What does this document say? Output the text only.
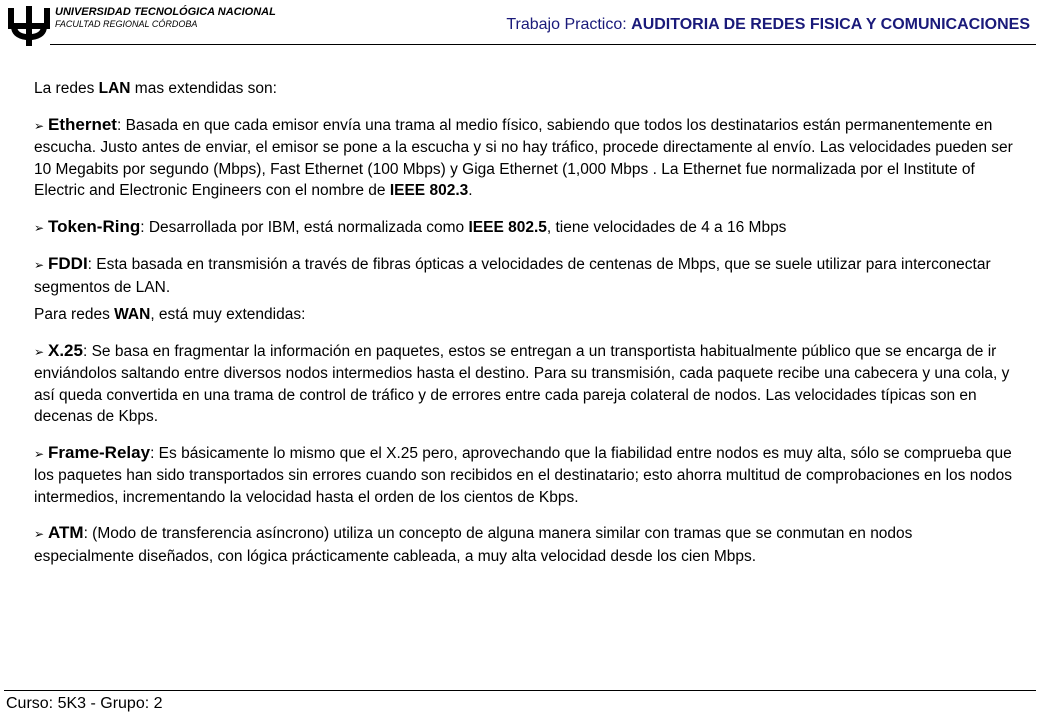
UNIVERSIDAD TECNOLÓGICA NACIONAL
FACULTAD REGIONAL CÓRDOBA	Trabajo Practico: AUDITORIA DE REDES FISICA Y COMUNICACIONES

La redes LAN mas extendidas son:

➢ Ethernet: Basada en que cada emisor envía una trama al medio físico, sabiendo que todos los destinatarios están permanentemente en escucha. Justo antes de enviar, el emisor se pone a la escucha y si no hay tráfico, procede directamente al envío. Las velocidades pueden ser 10 Megabits por segundo (Mbps), Fast Ethernet (100 Mbps) y Giga Ethernet (1,000 Mbps . La Ethernet fue normalizada por el Institute of Electric and Electronic Engineers con el nombre de IEEE 802.3.

➢ Token-Ring: Desarrollada por IBM, está normalizada como IEEE 802.5, tiene velocidades de 4 a 16 Mbps

➢ FDDI: Esta basada en transmisión a través de fibras ópticas a velocidades de centenas de Mbps, que se suele utilizar para interconectar segmentos de LAN.

Para redes WAN, está muy extendidas:

➢ X.25: Se basa en fragmentar la información en paquetes, estos se entregan a un transportista habitualmente público que se encarga de ir enviándolos saltando entre diversos nodos intermedios hasta el destino. Para su transmisión, cada paquete recibe una cabecera y una cola, y así queda convertida en una trama de control de tráfico y de errores entre cada pareja colateral de nodos. Las velocidades típicas son en decenas de Kbps.

➢ Frame-Relay: Es básicamente lo mismo que el X.25 pero, aprovechando que la fiabilidad entre nodos es muy alta, sólo se comprueba que los paquetes han sido transportados sin errores cuando son recibidos en el destinatario; esto ahorra multitud de comprobaciones en los nodos intermedios, incrementando la velocidad hasta el orden de los cientos de Kbps.

➢ ATM: (Modo de transferencia asíncrono) utiliza un concepto de alguna manera similar con tramas que se conmutan en nodos especialmente diseñados, con lógica prácticamente cableada, a muy alta velocidad desde los cien Mbps.

Curso: 5K3 - Grupo: 2
